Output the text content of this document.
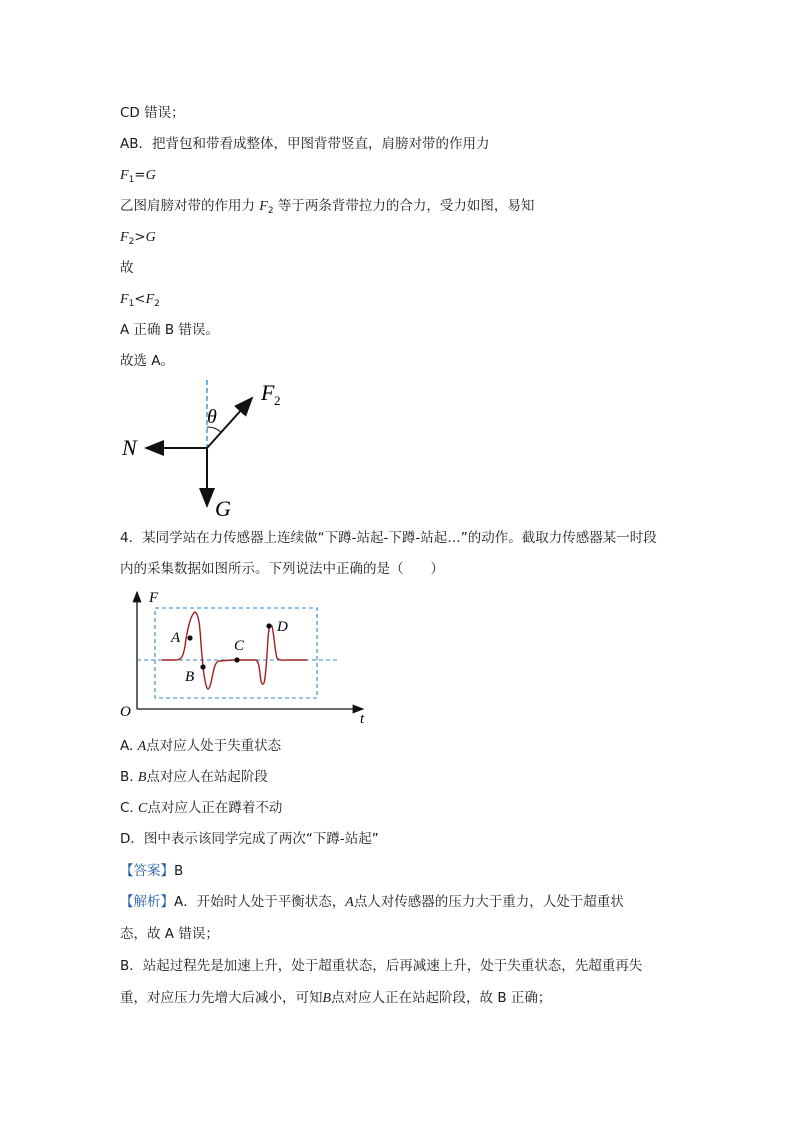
CD 错误；
AB．把背包和带看成整体，甲图背带竖直，肩膀对带的作用力
$F_1=G$
乙图肩膀对带的作用力 $F_2$ 等于两条背带拉力的合力，受力如图，易知
$F_2>G$
故
$F_1<F_2$
A 正确 B 错误。
故选 A。
F 2
θ
N
G
4．某同学站在力传感器上连续做“下蹲-站起-下蹲-站起…”的动作。截取力传感器某一时段
内的采集数据如图所示。下列说法中正确的是（　　）
F
O	t
A
B
C
D
A. A点对应人处于失重状态
B. B点对应人在站起阶段
C. C点对应人正在蹲着不动
D．图中表示该同学完成了两次“下蹲-站起”
【答案】B
【解析】A．开始时人处于平衡状态，A点人对传感器的压力大于重力，人处于超重状
态，故 A 错误；
B．站起过程先是加速上升，处于超重状态，后再减速上升，处于失重状态，先超重再失
重，对应压力先增大后减小，可知B点对应人正在站起阶段，故 B 正确；
